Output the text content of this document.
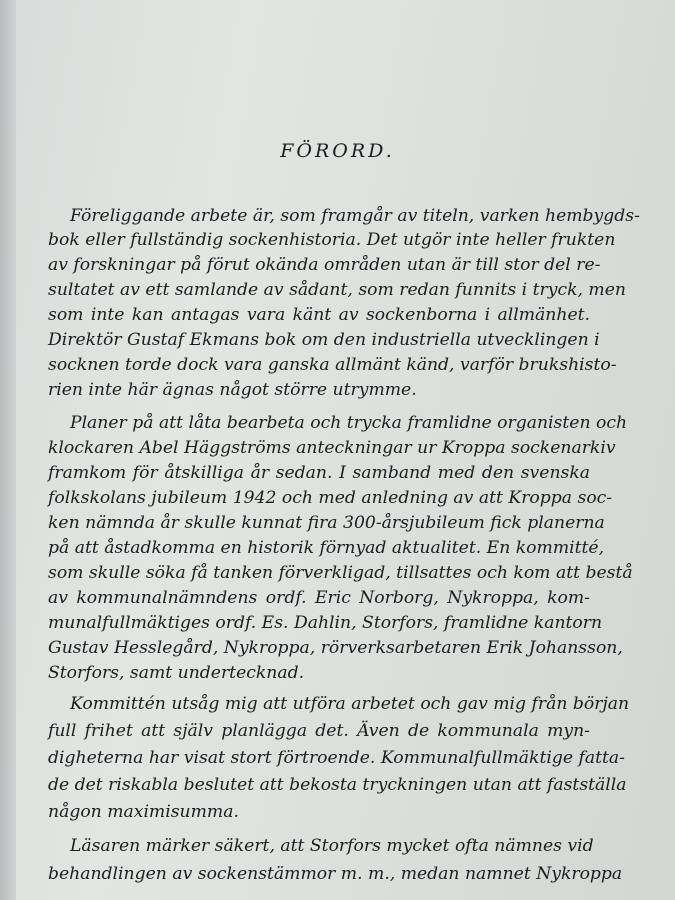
FÖRORD.
Föreliggande arbete är, som framgår av titeln, varken hembygds-
bok eller fullständig sockenhistoria. Det utgör inte heller frukten
av forskningar på förut okända områden utan är till stor del re-
sultatet av ett samlande av sådant, som redan funnits i tryck, men
som inte kan antagas vara känt av sockenborna i allmänhet.
Direktör Gustaf Ekmans bok om den industriella utvecklingen i
socknen torde dock vara ganska allmänt känd, varför brukshisto-
rien inte här ägnas något större utrymme.
Planer på att låta bearbeta och trycka framlidne organisten och
klockaren Abel Häggströms anteckningar ur Kroppa sockenarkiv
framkom för åtskilliga år sedan. I samband med den svenska
folkskolans jubileum 1942 och med anledning av att Kroppa soc-
ken nämnda år skulle kunnat fira 300-årsjubileum fick planerna
på att åstadkomma en historik förnyad aktualitet. En kommitté,
som skulle söka få tanken förverkligad, tillsattes och kom att bestå
av kommunalnämndens ordf. Eric Norborg, Nykroppa, kom-
munalfullmäktiges ordf. Es. Dahlin, Storfors, framlidne kantorn
Gustav Hesslegård, Nykroppa, rörverksarbetaren Erik Johansson,
Storfors, samt undertecknad.
Kommittén utsåg mig att utföra arbetet och gav mig från början
full frihet att själv planlägga det. Även de kommunala myn-
digheterna har visat stort förtroende. Kommunalfullmäktige fatta-
de det riskabla beslutet att bekosta tryckningen utan att fastställa
någon maximisumma.
Läsaren märker säkert, att Storfors mycket ofta nämnes vid
behandlingen av sockenstämmor m. m., medan namnet Nykroppa
